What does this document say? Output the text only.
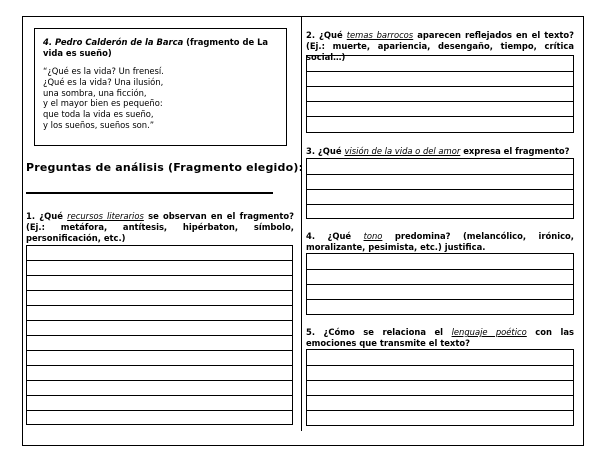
4. Pedro Calderón de la Barca (fragmento de La vida es sueño)
“¿Qué es la vida? Un frenesí.
¿Qué es la vida? Una ilusión,
una sombra, una ficción,
y el mayor bien es pequeño:
que toda la vida es sueño,
y los sueños, sueños son.”
Preguntas de análisis (Fragmento elegido):
1. ¿Qué recursos literarios se observan en el fragmento? (Ej.: metáfora, antítesis, hipérbaton, símbolo, personificación, etc.)
2. ¿Qué temas barrocos aparecen reflejados en el texto? (Ej.: muerte, apariencia, desengaño, tiempo, crítica social…)
3. ¿Qué visión de la vida o del amor expresa el fragmento?
4. ¿Qué tono predomina? (melancólico, irónico, moralizante, pesimista, etc.) justifica.
5. ¿Cómo se relaciona el lenguaje poético con las emociones que transmite el texto?
